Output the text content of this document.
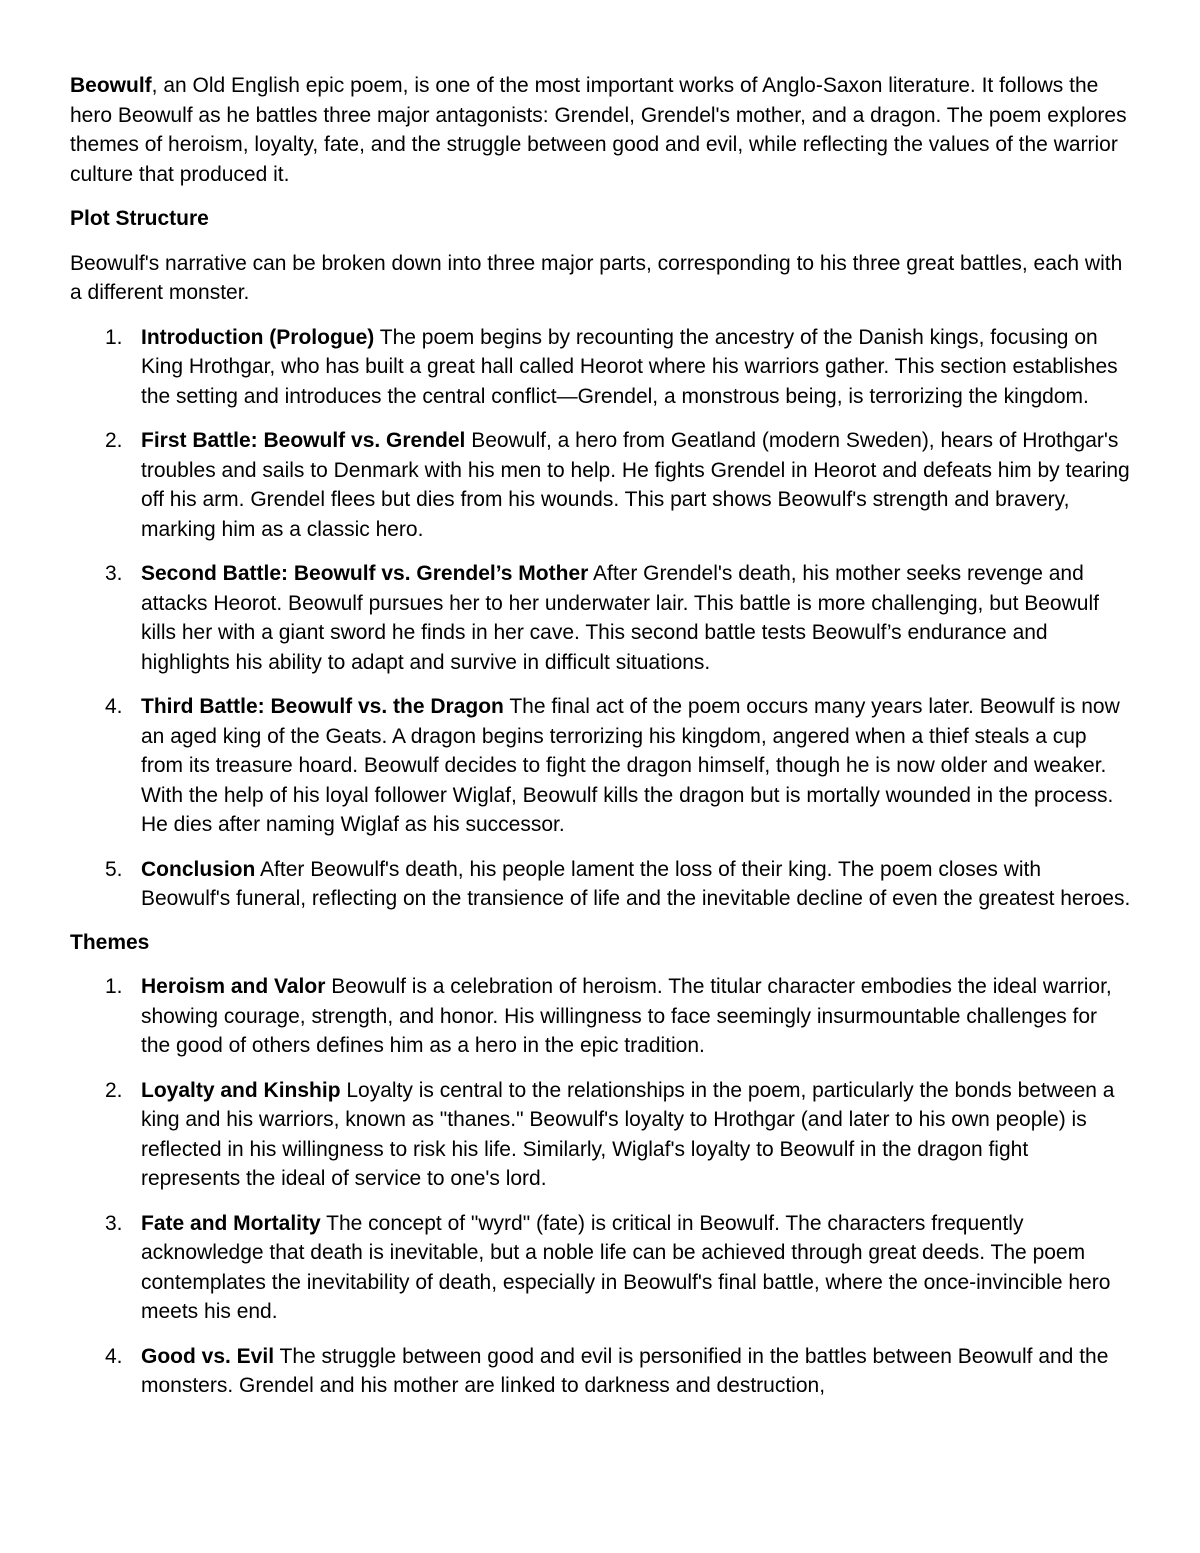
Beowulf, an Old English epic poem, is one of the most important works of Anglo-Saxon literature. It follows the hero Beowulf as he battles three major antagonists: Grendel, Grendel's mother, and a dragon. The poem explores themes of heroism, loyalty, fate, and the struggle between good and evil, while reflecting the values of the warrior culture that produced it.

Plot Structure

Beowulf's narrative can be broken down into three major parts, corresponding to his three great battles, each with a different monster.

1. Introduction (Prologue) The poem begins by recounting the ancestry of the Danish kings, focusing on King Hrothgar, who has built a great hall called Heorot where his warriors gather. This section establishes the setting and introduces the central conflict—Grendel, a monstrous being, is terrorizing the kingdom.
2. First Battle: Beowulf vs. Grendel Beowulf, a hero from Geatland (modern Sweden), hears of Hrothgar's troubles and sails to Denmark with his men to help. He fights Grendel in Heorot and defeats him by tearing off his arm. Grendel flees but dies from his wounds. This part shows Beowulf's strength and bravery, marking him as a classic hero.
3. Second Battle: Beowulf vs. Grendel’s Mother After Grendel's death, his mother seeks revenge and attacks Heorot. Beowulf pursues her to her underwater lair. This battle is more challenging, but Beowulf kills her with a giant sword he finds in her cave. This second battle tests Beowulf’s endurance and highlights his ability to adapt and survive in difficult situations.
4. Third Battle: Beowulf vs. the Dragon The final act of the poem occurs many years later. Beowulf is now an aged king of the Geats. A dragon begins terrorizing his kingdom, angered when a thief steals a cup from its treasure hoard. Beowulf decides to fight the dragon himself, though he is now older and weaker. With the help of his loyal follower Wiglaf, Beowulf kills the dragon but is mortally wounded in the process. He dies after naming Wiglaf as his successor.
5. Conclusion After Beowulf's death, his people lament the loss of their king. The poem closes with Beowulf's funeral, reflecting on the transience of life and the inevitable decline of even the greatest heroes.
Themes
1. Heroism and Valor Beowulf is a celebration of heroism. The titular character embodies the ideal warrior, showing courage, strength, and honor. His willingness to face seemingly insurmountable challenges for the good of others defines him as a hero in the epic tradition.
2. Loyalty and Kinship Loyalty is central to the relationships in the poem, particularly the bonds between a king and his warriors, known as "thanes." Beowulf's loyalty to Hrothgar (and later to his own people) is reflected in his willingness to risk his life. Similarly, Wiglaf's loyalty to Beowulf in the dragon fight represents the ideal of service to one's lord.
3. Fate and Mortality The concept of "wyrd" (fate) is critical in Beowulf. The characters frequently acknowledge that death is inevitable, but a noble life can be achieved through great deeds. The poem contemplates the inevitability of death, especially in Beowulf's final battle, where the once-invincible hero meets his end.
4. Good vs. Evil The struggle between good and evil is personified in the battles between Beowulf and the monsters. Grendel and his mother are linked to darkness and destruction,
